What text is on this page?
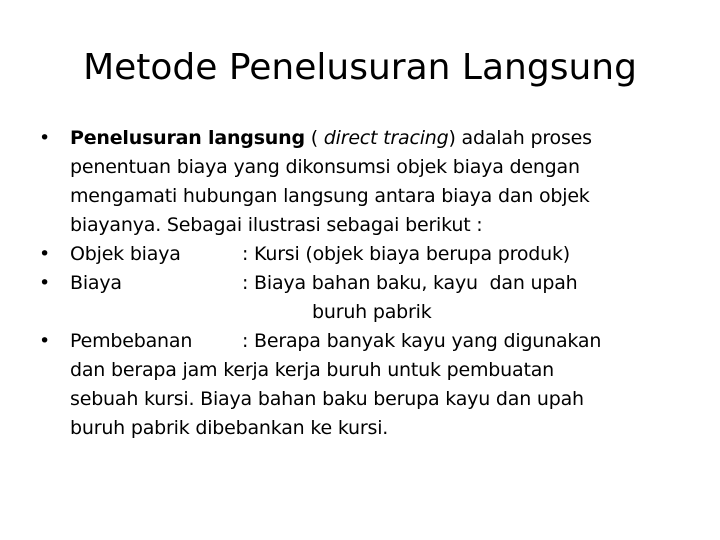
Metode Penelusuran Langsung
• Penelusuran langsung ( direct tracing) adalah proses
penentuan biaya yang dikonsumsi objek biaya dengan
mengamati hubungan langsung antara biaya dan objek
biayanya. Sebagai ilustrasi sebagai berikut :
• Objek biaya	: Kursi (objek biaya berupa produk)
• Biaya	: Biaya bahan baku, kayu  dan upah
buruh pabrik
• Pembebanan	: Berapa banyak kayu yang digunakan
dan berapa jam kerja kerja buruh untuk pembuatan
sebuah kursi. Biaya bahan baku berupa kayu dan upah
buruh pabrik dibebankan ke kursi.
